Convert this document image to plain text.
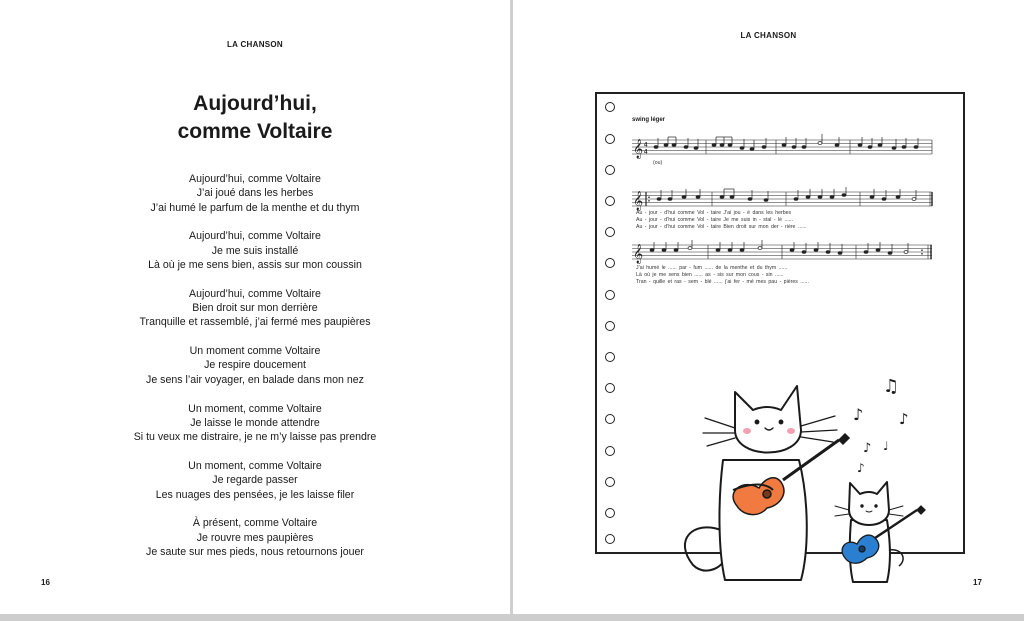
LA CHANSON
Aujourd’hui,
comme Voltaire
Aujourd’hui, comme Voltaire
J’ai joué dans les herbes
J’ai humé le parfum de la menthe et du thym
Aujourd’hui, comme Voltaire
Je me suis installé
Là où je me sens bien, assis sur mon coussin
Aujourd’hui, comme Voltaire
Bien droit sur mon derrière
Tranquille et rassemblé, j’ai fermé mes paupières
Un moment comme Voltaire
Je respire doucement
Je sens l’air voyager, en balade dans mon nez
Un moment, comme Voltaire
Je laisse le monde attendre
Si tu veux me distraire, je ne m’y laisse pas prendre
Un moment, comme Voltaire
Je regarde passer
Les nuages des pensées, je les laisse filer
À présent, comme Voltaire
Je rouvre mes paupières
Je saute sur mes pieds, nous retournons jouer
16
LA CHANSON
swing léger
𝄞 4
4
(ou)
𝄞
Au - jour - d’hui comme Vol - taire J’ai jou - é dans les herbes
Au - jour - d’hui comme Vol - taire Je me suis in - stal - lé ......
Au - jour - d’hui comme Vol - taire Bien droit sur mon der - rière ......
𝄞
J’ai humé le ...... par - fum ...... de la menthe et du thym ......
Là où je me sens bien ...... as - sis sur mon cous - sin ......
Tran - quille et ras - sem - blé ...... j’ai fer - mé mes pau - pières ......
♫
♪ ♪
♪ ♩
♪
17
